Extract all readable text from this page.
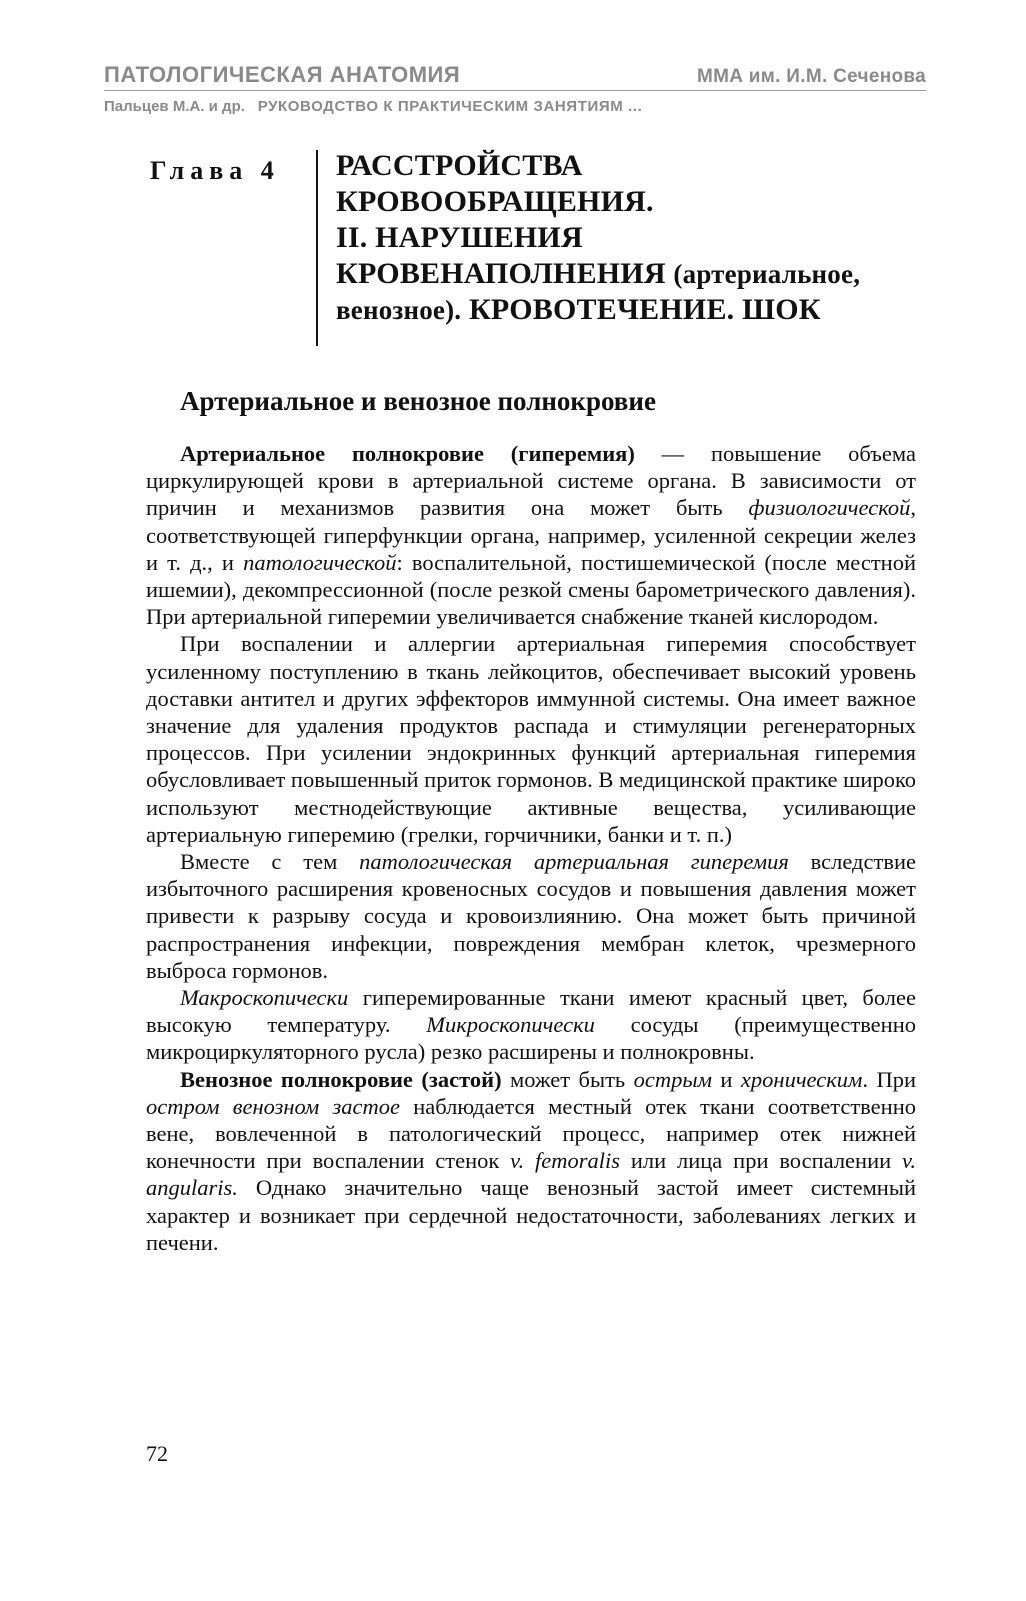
ПАТОЛОГИЧЕСКАЯ АНАТОМИЯ	ММА им. И.М. Сеченова
Пальцев М.А. и др. РУКОВОДСТВО К ПРАКТИЧЕСКИМ ЗАНЯТИЯМ ...
Глава 4 РАССТРОЙСТВА
КРОВООБРАЩЕНИЯ.
II. НАРУШЕНИЯ
КРОВЕНАПОЛНЕНИЯ (артериальное,
венозное). КРОВОТЕЧЕНИЕ. ШОК
Артериальное и венозное полнокровие

Артериальное полнокровие (гиперемия) — повышение объема циркулирующей крови в артериальной системе органа. В зависимости от причин и механизмов развития она может быть физиологической, соответствующей гиперфункции органа, например, усиленной секреции желез и т. д., и патологической: воспалительной, постишемической (после местной ишемии), декомпрессионной (после резкой смены барометрического давления). При артериальной гиперемии увеличивается снабжение тканей кислородом.

При воспалении и аллергии артериальная гиперемия способствует усиленному поступлению в ткань лейкоцитов, обеспечивает высокий уровень доставки антител и других эффекторов иммунной системы. Она имеет важное значение для удаления продуктов распада и стимуляции регенераторных процессов. При усилении эндокринных функций артериальная гиперемия обусловливает повышенный приток гормонов. В медицинской практике широко используют местнодействующие активные вещества, усиливающие артериальную гиперемию (грелки, горчичники, банки и т. п.)

Вместе с тем патологическая артериальная гиперемия вследствие избыточного расширения кровеносных сосудов и повышения давления может привести к разрыву сосуда и кровоизлиянию. Она может быть причиной распространения инфекции, повреждения мембран клеток, чрезмерного выброса гормонов.

Макроскопически гиперемированные ткани имеют красный цвет, более высокую температуру. Микроскопически сосуды (преимущественно микроциркуляторного русла) резко расширены и полнокровны.

Венозное полнокровие (застой) может быть острым и хроническим. При остром венозном застое наблюдается местный отек ткани соответственно вене, вовлеченной в патологический процесс, например отек нижней конечности при воспалении стенок v. femoralis или лица при воспалении v. angularis. Однако значительно чаще венозный застой имеет системный характер и возникает при сердечной недостаточности, заболеваниях легких и печени.

72
